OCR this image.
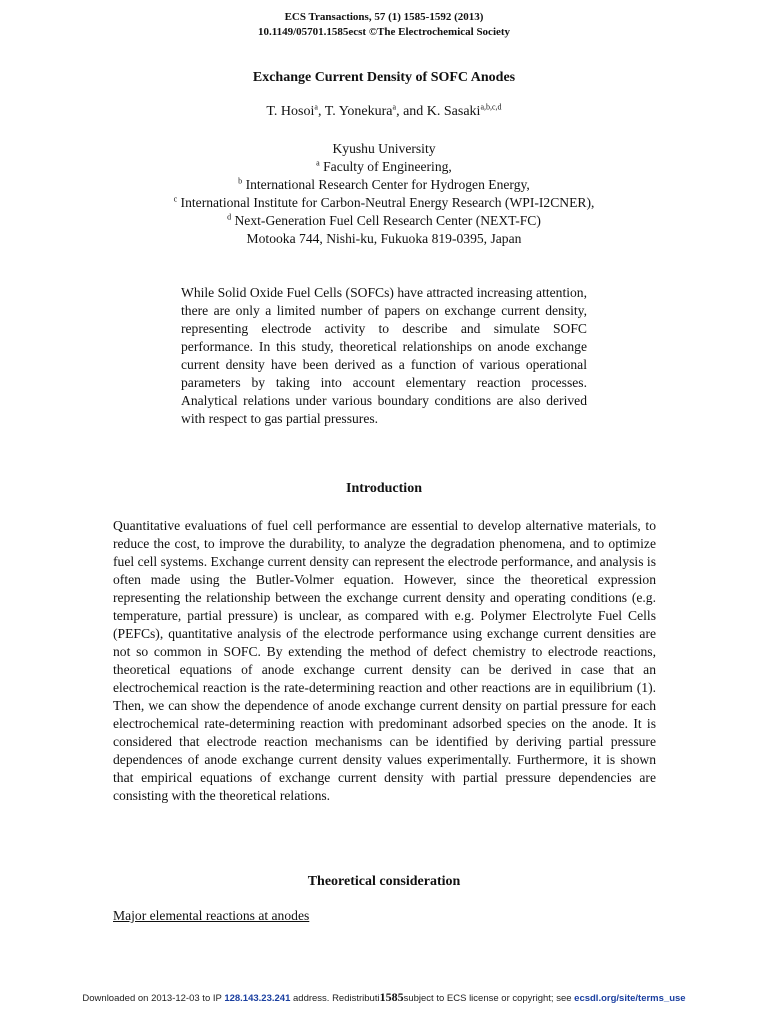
ECS Transactions, 57 (1) 1585-1592 (2013)
10.1149/05701.1585ecst ©The Electrochemical Society
Exchange Current Density of SOFC Anodes
T. Hosoi$^a$, T. Yonekura$^a$, and K. Sasaki$^{a,b,c,d}$
Kyushu University
$^a$ Faculty of Engineering,
$^b$ International Research Center for Hydrogen Energy,
$^c$ International Institute for Carbon-Neutral Energy Research (WPI-I2CNER),
$^d$ Next-Generation Fuel Cell Research Center (NEXT-FC)
Motooka 744, Nishi-ku, Fukuoka 819-0395, Japan
While Solid Oxide Fuel Cells (SOFCs) have attracted increasing attention, there are only a limited number of papers on exchange current density, representing electrode activity to describe and simulate SOFC performance. In this study, theoretical relationships on anode exchange current density have been derived as a function of various operational parameters by taking into account elementary reaction processes. Analytical relations under various boundary conditions are also derived with respect to gas partial pressures.
Introduction
Quantitative evaluations of fuel cell performance are essential to develop alternative materials, to reduce the cost, to improve the durability, to analyze the degradation phenomena, and to optimize fuel cell systems. Exchange current density can represent the electrode performance, and analysis is often made using the Butler-Volmer equation. However, since the theoretical expression representing the relationship between the exchange current density and operating conditions (e.g. temperature, partial pressure) is unclear, as compared with e.g. Polymer Electrolyte Fuel Cells (PEFCs), quantitative analysis of the electrode performance using exchange current densities are not so common in SOFC. By extending the method of defect chemistry to electrode reactions, theoretical equations of anode exchange current density can be derived in case that an electrochemical reaction is the rate-determining reaction and other reactions are in equilibrium (1). Then, we can show the dependence of anode exchange current density on partial pressure for each electrochemical rate-determining reaction with predominant adsorbed species on the anode. It is considered that electrode reaction mechanisms can be identified by deriving partial pressure dependences of anode exchange current density values experimentally. Furthermore, it is shown that empirical equations of exchange current density with partial pressure dependencies are consisting with the theoretical relations.
Theoretical consideration
Major elemental reactions at anodes
Downloaded on 2013-12-03 to IP 128.143.23.241 address. Redistributi1585subject to ECS license or copyright; see ecsdl.org/site/terms_use
